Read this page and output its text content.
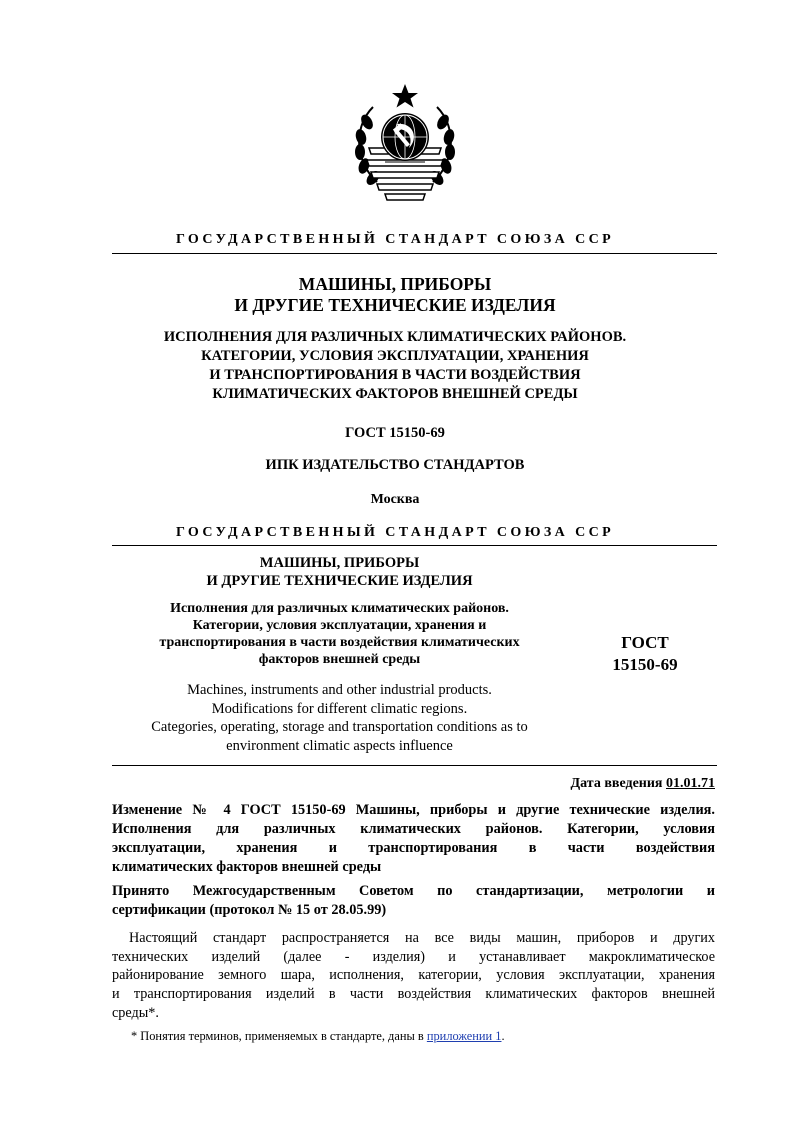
ГОСУДАРСТВЕННЫЙ СТАНДАРТ СОЮЗА ССР
МАШИНЫ, ПРИБОРЫ
И ДРУГИЕ ТЕХНИЧЕСКИЕ ИЗДЕЛИЯ
ИСПОЛНЕНИЯ ДЛЯ РАЗЛИЧНЫХ КЛИМАТИЧЕСКИХ РАЙОНОВ.
КАТЕГОРИИ, УСЛОВИЯ ЭКСПЛУАТАЦИИ, ХРАНЕНИЯ
И ТРАНСПОРТИРОВАНИЯ В ЧАСТИ ВОЗДЕЙСТВИЯ
КЛИМАТИЧЕСКИХ ФАКТОРОВ ВНЕШНЕЙ СРЕДЫ
ГОСТ 15150-69
ИПК ИЗДАТЕЛЬСТВО СТАНДАРТОВ
Москва
ГОСУДАРСТВЕННЫЙ СТАНДАРТ СОЮЗА ССР
МАШИНЫ, ПРИБОРЫ
И ДРУГИЕ ТЕХНИЧЕСКИЕ ИЗДЕЛИЯ
Исполнения для различных климатических районов.
Категории, условия эксплуатации, хранения и
транспортирования в части воздействия климатических
факторов внешней среды
Machines, instruments and other industrial products.
Modifications for different climatic regions.
Categories, operating, storage and transportation conditions as to
environment climatic aspects influence
ГОСТ
15150-69
Дата введения 01.01.71
Изменение № 4 ГОСТ 15150-69 Машины, приборы и другие технические изделия.
Исполнения для различных климатических районов. Категории, условия
эксплуатации, хранения и транспортирования в части воздействия
климатических факторов внешней среды
Принято Межгосударственным Советом по стандартизации, метрологии и
сертификации (протокол № 15 от 28.05.99)
Настоящий стандарт распространяется на все виды машин, приборов и других
технических изделий (далее - изделия) и устанавливает макроклиматическое
районирование земного шара, исполнения, категории, условия эксплуатации, хранения
и транспортирования изделий в части воздействия климатических факторов внешней
среды*.
* Понятия терминов, применяемых в стандарте, даны в приложении 1.
